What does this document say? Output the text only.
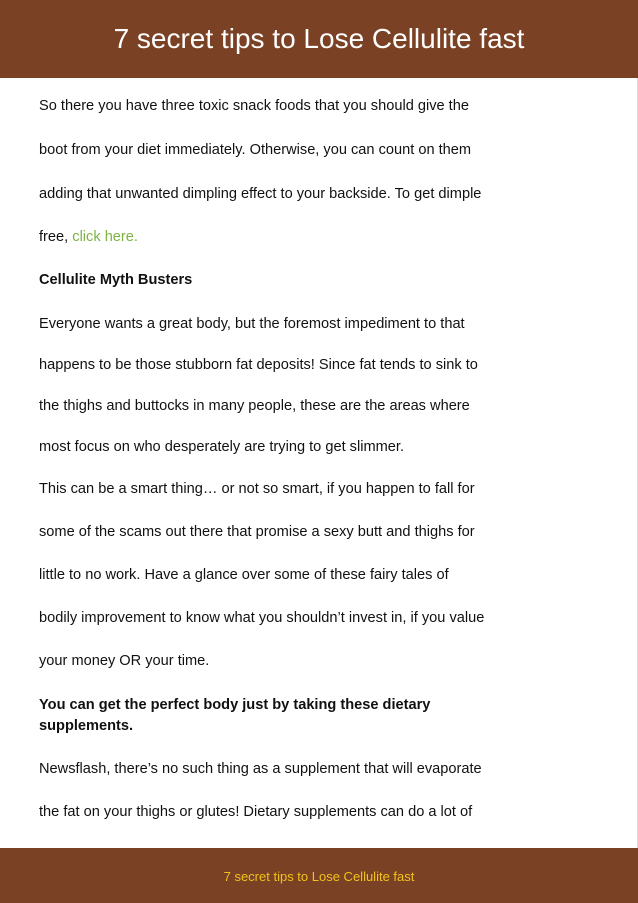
7 secret tips to Lose Cellulite fast
So there you have three toxic snack foods that you should give the
boot from your diet immediately. Otherwise, you can count on them
adding that unwanted dimpling effect to your backside. To get dimple
free, click here.
Cellulite Myth Busters
Everyone wants a great body, but the foremost impediment to that
happens to be those stubborn fat deposits! Since fat tends to sink to
the thighs and buttocks in many people, these are the areas where
most focus on who desperately are trying to get slimmer.
This can be a smart thing… or not so smart, if you happen to fall for
some of the scams out there that promise a sexy butt and thighs for
little to no work. Have a glance over some of these fairy tales of
bodily improvement to know what you shouldn’t invest in, if you value
your money OR your time.
You can get the perfect body just by taking these dietary
supplements.
Newsflash, there’s no such thing as a supplement that will evaporate
the fat on your thighs or glutes! Dietary supplements can do a lot of
7 secret tips to Lose Cellulite fast
